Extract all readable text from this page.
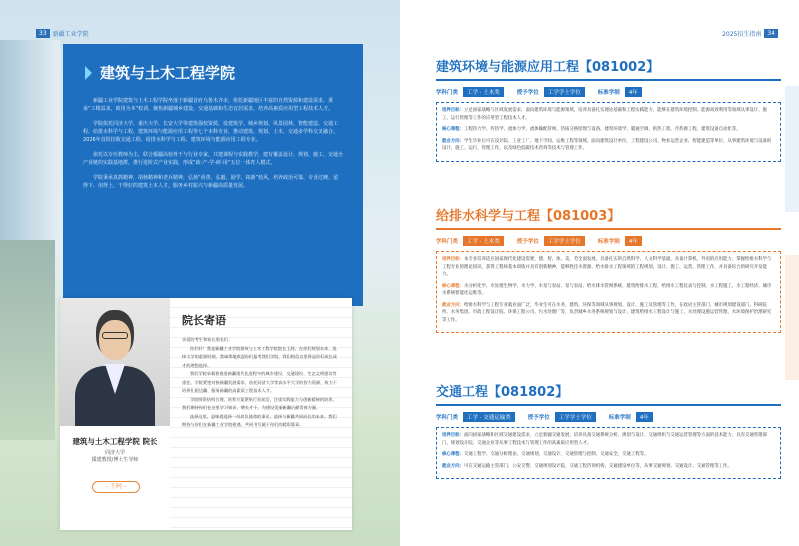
33	新疆工业学院
建筑与土木工程学院

新疆工业学院建筑与土木工程学院坐落于新疆首府乌鲁木齐市，依托新疆地区丰富的自然资源和建设需求，秉承“工精益求，致用为本”校训，聚焦新疆城乡建设、交通基础和生态宜居需求，培养高素质应用型工程技术人才。

学院依托同济大学、重庆大学、长安大学等建筑强校资源，设建筑学、城乡规划、风景园林、智能建造、交通工程、给排水科学与工程、建筑环境与能源应用工程等七个本科专业，推动建筑、规划、土木、交通多学科交叉融合。2026年首批招收交通工程、给排水科学与工程、建筑环境与能源应用工程专业。

依托以专任教师为主，联合援疆高校骨干与行业专家，共建课程与实践教学，建有覆盖设计、规划、施工、交通全产业链的实践基地群，推行进阶式产业实践，形成“政-产-学-研-用”五位一体育人模式。

学院秉承真抓精神，胡杨精神和老兵精神，弘扬“尚善、弘毅、励学、拓新”校风，培养政治可靠、专业过硬、留得下、用得上，干得好的建筑土木人才，服务乡村振兴与新疆高质量发展。

建筑与土木工程学院 院长
同济大学
援建教授/博士生导师
- 王阿 -
院长寄语

亲爱的考生和家长朋友们：

你们好！我是新疆工业学院建筑与土木工程学院院长王阿。在你们规划未来、选择大学的重要时刻，我诚挚地欢迎你们报考我们学院，我们相信这里将是你们成长成才的理想选择。

我们学院承载着推进新疆现代化进程中的城乡建设、交通建设、生态文明建设等重任。学院紧密对接新疆发展需求，依托同济大学等高水平大学的智力资源，致力于培养扎根边疆、服务新疆的高素质工程技术人才。

学院师资结构合理，培养方案紧贴行业前沿，注重实践能力与创新精神的培养。我们期待你们在这里学习知识、增长才干，为建设美丽新疆贡献青春力量。

选择这里，意味着选择一份肩负使命的事业，选择与新疆共同成长的未来。我们期待与你们在新疆工业学院相遇，共同书写属于你们的精彩篇章。

2025招生指南	34
建筑环境与能源应用工程【081002】
学科门类	工学 · 土木类	授予学位	工学学士学位	标准学制	4年
培养目标：立足国家战略与区域发展需求，面向建筑环境与能源领域，培养具备扎实理论基础和工程实践能力，能够在建筑环境控制、能源高效利用等领域从事设计、施工、运行管理等工作的应用型工程技术人才。
核心课程：工程热力学、传热学、流体力学、流体输配管网、热质交换原理与设备、建筑环境学、暖通空调、供热工程、冷热源工程、建筑设备自动化等。
就业方向：学生毕业后可在设计院、工业工厂、地下空间、运维工程等领域，面向建筑设计单位、工程建设公司、物业运营企业、智能建造等单位，从事建筑环境与设备的设计、施工、运行、管理工作，以及绿色低碳技术咨询等技术与管理工作。
给排水科学与工程【081003】
学科门类	工学 · 土木类	授予学位	工学学士学位	标准学制	4年
培养目标：本专业培养适应国家现代化建设需要，德、智、体、美、劳全面发展，具备扎实的自然科学、人文科学基础，具备计算机、外语的应用能力，掌握给排水科学与工程专业的理论知识，获得工程师基本训练并具有创新精神，能够胜任水资源、给水排水工程领域的工程规划、设计、施工、运营、管理工作，并具备综合的研究开发能力。
核心课程：水分析化学、水处理生物学、水力学、水泵与泵站、泵与泵站、给水排水管网系统、建筑给排水工程、给排水工程仪表与控制、水工程施工、水工程经济、城市水系统智能化运维等。
就业方向：给排水科学与工程专业就业面广泛，毕业生可在水务、建筑、环保等领域从事规划、设计、施工及管理等工作，在政府主管部门、城市规划建设部门、科研院所、水务集团、市政工程设计院、环保工程公司、污水处理厂等，负责城乡水务系统规划与设计、建筑给排水工程设计与施工、水处理设施运营管理、水环境保护治理研究等工作。
交通工程【081802】
学科门类	工学 · 交通运输类	授予学位	工学学士学位	标准学制	4年
培养目标：面向国家战略和区域交通建设需求，立足新疆交通发展，培养具备交通系统分析、规划与设计、交通组织与交通运营管理等方面的技术能力，具有交通管理部门、规划设计院、交通企业等从事工程技术与管理工作的高素质应用型人才。
核心课程：交通工程学、交通分析理论、交通规划、交通设计、交通管理与控制、交通安全、交通工程等。
就业方向：可在交通运输主管部门、公安交警、交通规划设计院、交通工程咨询机构、交通建设单位等，从事交通规划、交通设计、交通管理等工作。
